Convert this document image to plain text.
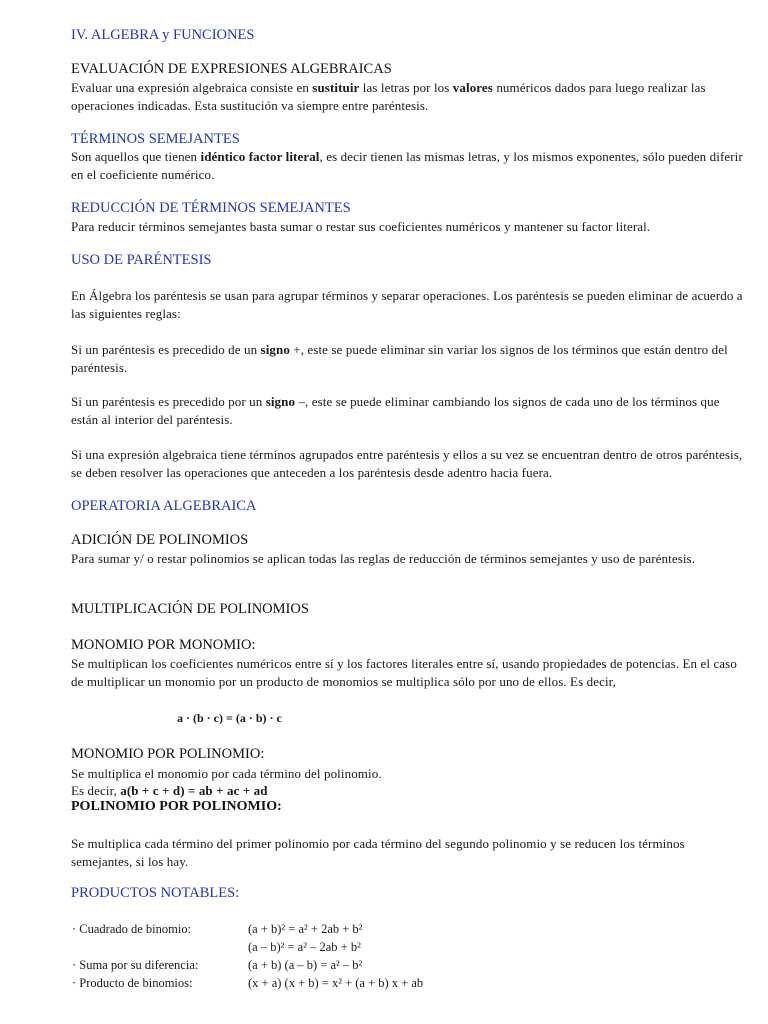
IV. ALGEBRA y FUNCIONES
EVALUACIÓN DE EXPRESIONES ALGEBRAICAS

Evaluar una expresión algebraica consiste en sustituir las letras por los valores numéricos dados para luego realizar las operaciones indicadas. Esta sustitución va siempre entre paréntesis.

TÉRMINOS SEMEJANTES

Son aquellos que tienen idéntico factor literal, es decir tienen las mismas letras, y los mismos exponentes, sólo pueden diferir en el coeficiente numérico.

REDUCCIÓN DE TÉRMINOS SEMEJANTES

Para reducir términos semejantes basta sumar o restar sus coeficientes numéricos y mantener su factor literal.

USO DE PARÉNTESIS

En Álgebra los paréntesis se usan para agrupar términos y separar operaciones. Los paréntesis se pueden eliminar de acuerdo a las siguientes reglas:

Si un paréntesis es precedido de un signo +, este se puede eliminar sin variar los signos de los términos que están dentro del paréntesis.

Si un paréntesis es precedido por un signo –, este se puede eliminar cambiando los signos de cada uno de los términos que están al interior del paréntesis.

Si una expresión algebraica tiene términos agrupados entre paréntesis y ellos a su vez se encuentran dentro de otros paréntesis, se deben resolver las operaciones que anteceden a los paréntesis desde adentro hacia fuera.

OPERATORIA ALGEBRAICA
ADICIÓN DE POLINOMIOS

Para sumar y/ o restar polinomios se aplican todas las reglas de reducción de términos semejantes y uso de paréntesis.

MULTIPLICACIÓN DE POLINOMIOS
MONOMIO POR MONOMIO:

Se multiplican los coeficientes numéricos entre sí y los factores literales entre sí, usando propiedades de potencias. En el caso de multiplicar un monomio por un producto de monomios se multiplica sólo por uno de ellos. Es decir,

a · (b · c) = (a · b) · c
MONOMIO POR POLINOMIO:

Se multiplica el monomio por cada término del polinomio.

Es decir, a(b + c + d) = ab + ac + ad

POLINOMIO POR POLINOMIO:

Se multiplica cada término del primer polinomio por cada término del segundo polinomio y se reducen los términos semejantes, si los hay.

PRODUCTOS NOTABLES:
· Cuadrado de binomio:	(a + b)² = a² + 2ab + b²
(a – b)² = a² – 2ab + b²
· Suma por su diferencia:	(a + b) (a – b) = a² – b²
· Producto de binomios:	(x + a) (x + b) = x² + (a + b) x + ab
